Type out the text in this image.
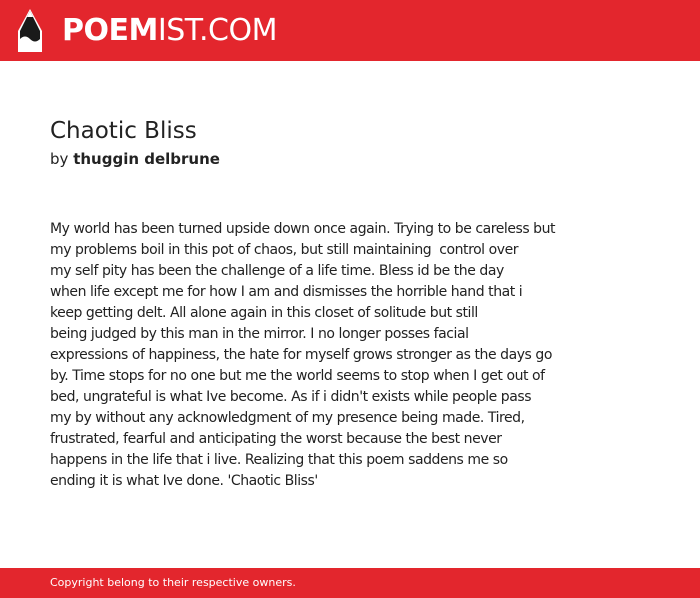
POEMIST.COM
Chaotic Bliss
by thuggin delbrune
My world has been turned upside down once again. Trying to be careless but
my problems boil in this pot of chaos, but still maintaining  control over
my self pity has been the challenge of a life time. Bless id be the day
when life except me for how I am and dismisses the horrible hand that i
keep getting delt. All alone again in this closet of solitude but still
being judged by this man in the mirror. I no longer posses facial
expressions of happiness, the hate for myself grows stronger as the days go
by. Time stops for no one but me the world seems to stop when I get out of
bed, ungrateful is what Ive become. As if i didn't exists while people pass
my by without any acknowledgment of my presence being made. Tired,
frustrated, fearful and anticipating the worst because the best never
happens in the life that i live. Realizing that this poem saddens me so
ending it is what Ive done. 'Chaotic Bliss'
Copyright belong to their respective owners.
